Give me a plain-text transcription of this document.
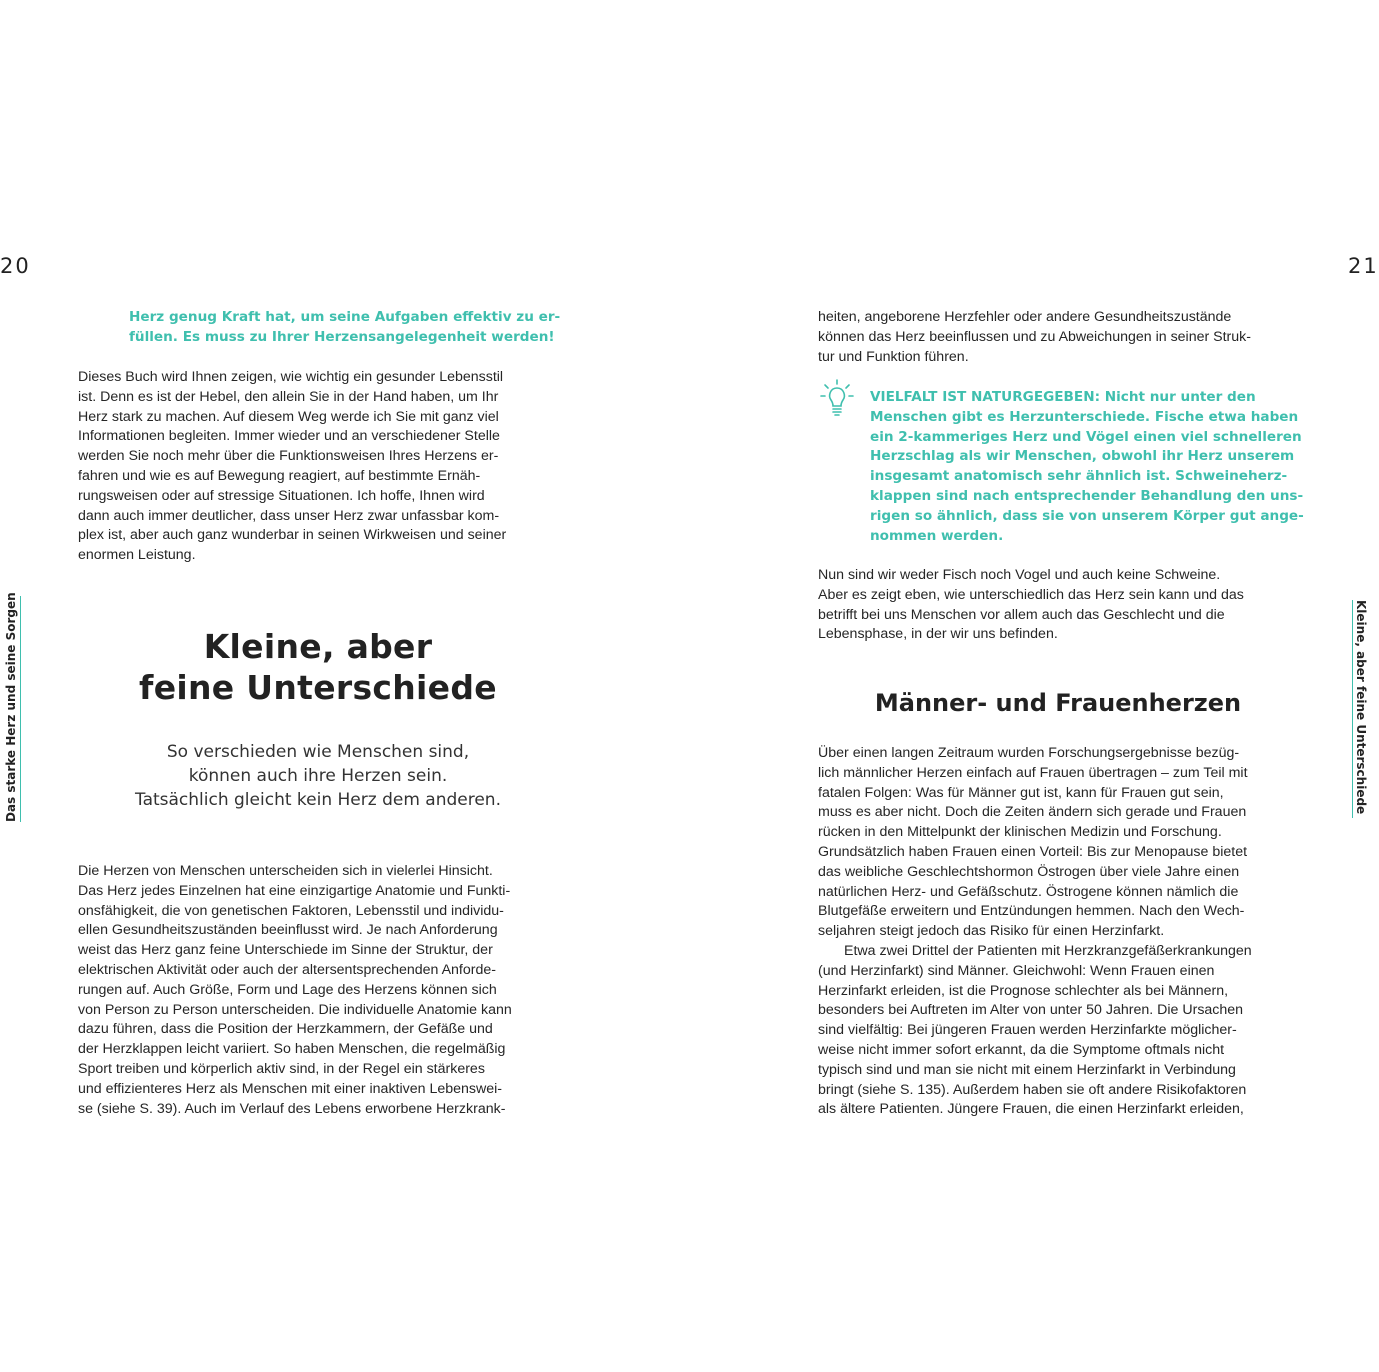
20
Das starke Herz und seine Sorgen
Herz genug Kraft hat, um seine Aufgaben effektiv zu er-
füllen. Es muss zu Ihrer Herzensangelegenheit werden!
Dieses Buch wird Ihnen zeigen, wie wichtig ein gesunder Lebensstil
ist. Denn es ist der Hebel, den allein Sie in der Hand haben, um Ihr
Herz stark zu machen. Auf diesem Weg werde ich Sie mit ganz viel
Informationen begleiten. Immer wieder und an verschiedener Stelle
werden Sie noch mehr über die Funktionsweisen Ihres Herzens er-
fahren und wie es auf Bewegung reagiert, auf bestimmte Ernäh-
rungsweisen oder auf stressige Situationen. Ich hoffe, Ihnen wird
dann auch immer deutlicher, dass unser Herz zwar unfassbar kom-
plex ist, aber auch ganz wunderbar in seinen Wirkweisen und seiner
enormen Leistung.
Kleine, aber
feine Unterschiede
So verschieden wie Menschen sind,
können auch ihre Herzen sein.
Tatsächlich gleicht kein Herz dem anderen.
Die Herzen von Menschen unterscheiden sich in vielerlei Hinsicht.
Das Herz jedes Einzelnen hat eine einzigartige Anatomie und Funkti-
onsfähigkeit, die von genetischen Faktoren, Lebensstil und individu-
ellen Gesundheitszuständen beeinflusst wird. Je nach Anforderung
weist das Herz ganz feine Unterschiede im Sinne der Struktur, der
elektrischen Aktivität oder auch der altersentsprechenden Anforde-
rungen auf. Auch Größe, Form und Lage des Herzens können sich
von Person zu Person unterscheiden. Die individuelle Anatomie kann
dazu führen, dass die Position der Herzkammern, der Gefäße und
der Herzklappen leicht variiert. So haben Menschen, die regelmäßig
Sport treiben und körperlich aktiv sind, in der Regel ein stärkeres
und effizienteres Herz als Menschen mit einer inaktiven Lebenswei-
se (siehe S. 39). Auch im Verlauf des Lebens erworbene Herzkrank-
21
Kleine, aber feine Unterschiede
heiten, angeborene Herzfehler oder andere Gesundheitszustände
können das Herz beeinflussen und zu Abweichungen in seiner Struk-
tur und Funktion führen.
VIELFALT IST NATURGEGEBEN: Nicht nur unter den
Menschen gibt es Herzunterschiede. Fische etwa haben
ein 2-kammeriges Herz und Vögel einen viel schnelleren
Herzschlag als wir Menschen, obwohl ihr Herz unserem
insgesamt anatomisch sehr ähnlich ist. Schweineherz-
klappen sind nach entsprechender Behandlung den uns-
rigen so ähnlich, dass sie von unserem Körper gut ange-
nommen werden.
Nun sind wir weder Fisch noch Vogel und auch keine Schweine.
Aber es zeigt eben, wie unterschiedlich das Herz sein kann und das
betrifft bei uns Menschen vor allem auch das Geschlecht und die
Lebensphase, in der wir uns befinden.
Männer- und Frauenherzen
Über einen langen Zeitraum wurden Forschungsergebnisse bezüg-
lich männlicher Herzen einfach auf Frauen übertragen – zum Teil mit
fatalen Folgen: Was für Männer gut ist, kann für Frauen gut sein,
muss es aber nicht. Doch die Zeiten ändern sich gerade und Frauen
rücken in den Mittelpunkt der klinischen Medizin und Forschung.
Grundsätzlich haben Frauen einen Vorteil: Bis zur Menopause bietet
das weibliche Geschlechtshormon Östrogen über viele Jahre einen
natürlichen Herz- und Gefäßschutz. Östrogene können nämlich die
Blutgefäße erweitern und Entzündungen hemmen. Nach den Wech-
seljahren steigt jedoch das Risiko für einen Herzinfarkt.
Etwa zwei Drittel der Patienten mit Herzkranzgefäßerkrankungen
(und Herzinfarkt) sind Männer. Gleichwohl: Wenn Frauen einen
Herzinfarkt erleiden, ist die Prognose schlechter als bei Männern,
besonders bei Auftreten im Alter von unter 50 Jahren. Die Ursachen
sind vielfältig: Bei jüngeren Frauen werden Herzinfarkte möglicher-
weise nicht immer sofort erkannt, da die Symptome oftmals nicht
typisch sind und man sie nicht mit einem Herzinfarkt in Verbindung
bringt (siehe S. 135). Außerdem haben sie oft andere Risikofaktoren
als ältere Patienten. Jüngere Frauen, die einen Herzinfarkt erleiden,
